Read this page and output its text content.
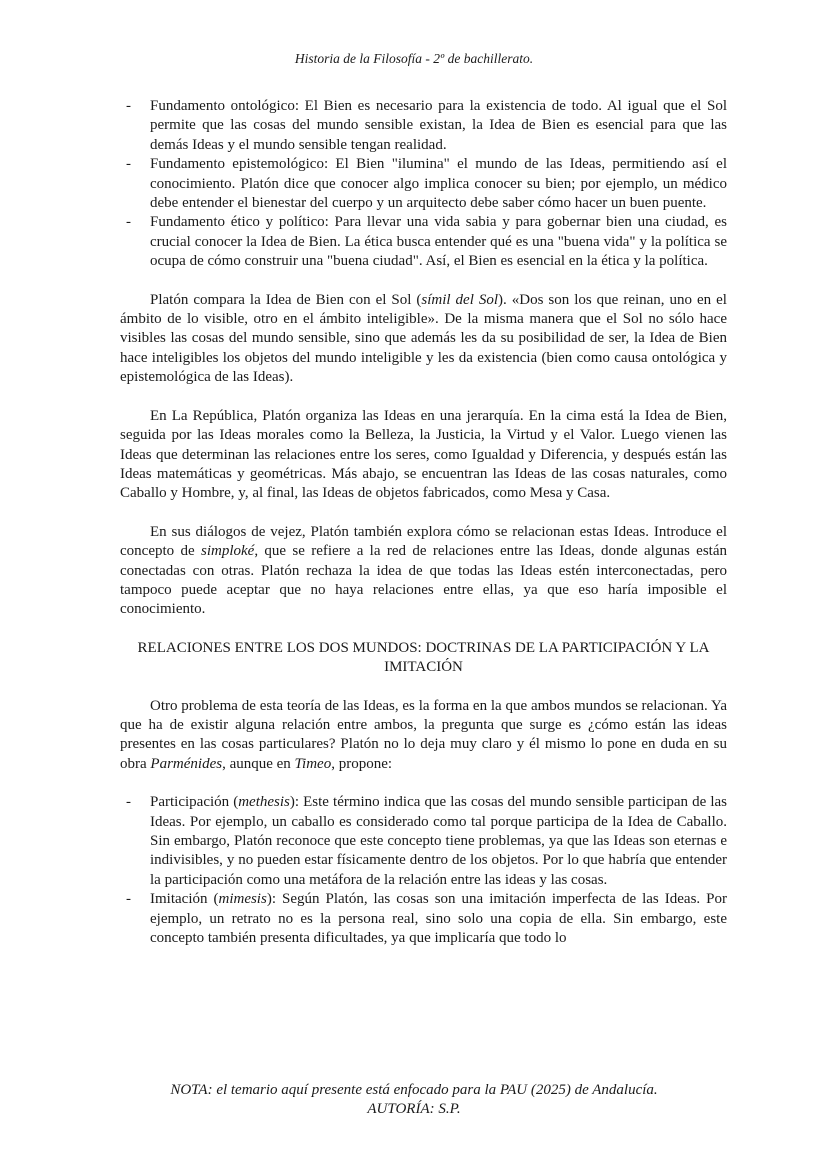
Historia de la Filosofía - 2º de bachillerato.
- Fundamento ontológico: El Bien es necesario para la existencia de todo. Al igual que el Sol permite que las cosas del mundo sensible existan, la Idea de Bien es esencial para que las demás Ideas y el mundo sensible tengan realidad.
- Fundamento epistemológico: El Bien "ilumina" el mundo de las Ideas, permitiendo así el conocimiento. Platón dice que conocer algo implica conocer su bien; por ejemplo, un médico debe entender el bienestar del cuerpo y un arquitecto debe saber cómo hacer un buen puente.
- Fundamento ético y político: Para llevar una vida sabia y para gobernar bien una ciudad, es crucial conocer la Idea de Bien. La ética busca entender qué es una "buena vida" y la política se ocupa de cómo construir una "buena ciudad". Así, el Bien es esencial en la ética y la política.

Platón compara la Idea de Bien con el Sol (símil del Sol). «Dos son los que reinan, uno en el ámbito de lo visible, otro en el ámbito inteligible». De la misma manera que el Sol no sólo hace visibles las cosas del mundo sensible, sino que además les da su posibilidad de ser, la Idea de Bien hace inteligibles los objetos del mundo inteligible y les da existencia (bien como causa ontológica y epistemológica de las Ideas).

En La República, Platón organiza las Ideas en una jerarquía. En la cima está la Idea de Bien, seguida por las Ideas morales como la Belleza, la Justicia, la Virtud y el Valor. Luego vienen las Ideas que determinan las relaciones entre los seres, como Igualdad y Diferencia, y después están las Ideas matemáticas y geométricas. Más abajo, se encuentran las Ideas de las cosas naturales, como Caballo y Hombre, y, al final, las Ideas de objetos fabricados, como Mesa y Casa.

En sus diálogos de vejez, Platón también explora cómo se relacionan estas Ideas. Introduce el concepto de simploké, que se refiere a la red de relaciones entre las Ideas, donde algunas están conectadas con otras. Platón rechaza la idea de que todas las Ideas estén interconectadas, pero tampoco puede aceptar que no haya relaciones entre ellas, ya que eso haría imposible el conocimiento.

RELACIONES ENTRE LOS DOS MUNDOS: DOCTRINAS DE LA PARTICIPACIÓN Y LA
IMITACIÓN

Otro problema de esta teoría de las Ideas, es la forma en la que ambos mundos se relacionan. Ya que ha de existir alguna relación entre ambos, la pregunta que surge es ¿cómo están las ideas presentes en las cosas particulares? Platón no lo deja muy claro y él mismo lo pone en duda en su obra Parménides, aunque en Timeo, propone:

- Participación (methesis): Este término indica que las cosas del mundo sensible participan de las Ideas. Por ejemplo, un caballo es considerado como tal porque participa de la Idea de Caballo. Sin embargo, Platón reconoce que este concepto tiene problemas, ya que las Ideas son eternas e indivisibles, y no pueden estar físicamente dentro de los objetos. Por lo que habría que entender la participación como una metáfora de la relación entre las ideas y las cosas.
- Imitación (mimesis): Según Platón, las cosas son una imitación imperfecta de las Ideas. Por ejemplo, un retrato no es la persona real, sino solo una copia de ella. Sin embargo, este concepto también presenta dificultades, ya que implicaría que todo lo
NOTA: el temario aquí presente está enfocado para la PAU (2025) de Andalucía.
AUTORÍA: S.P.
